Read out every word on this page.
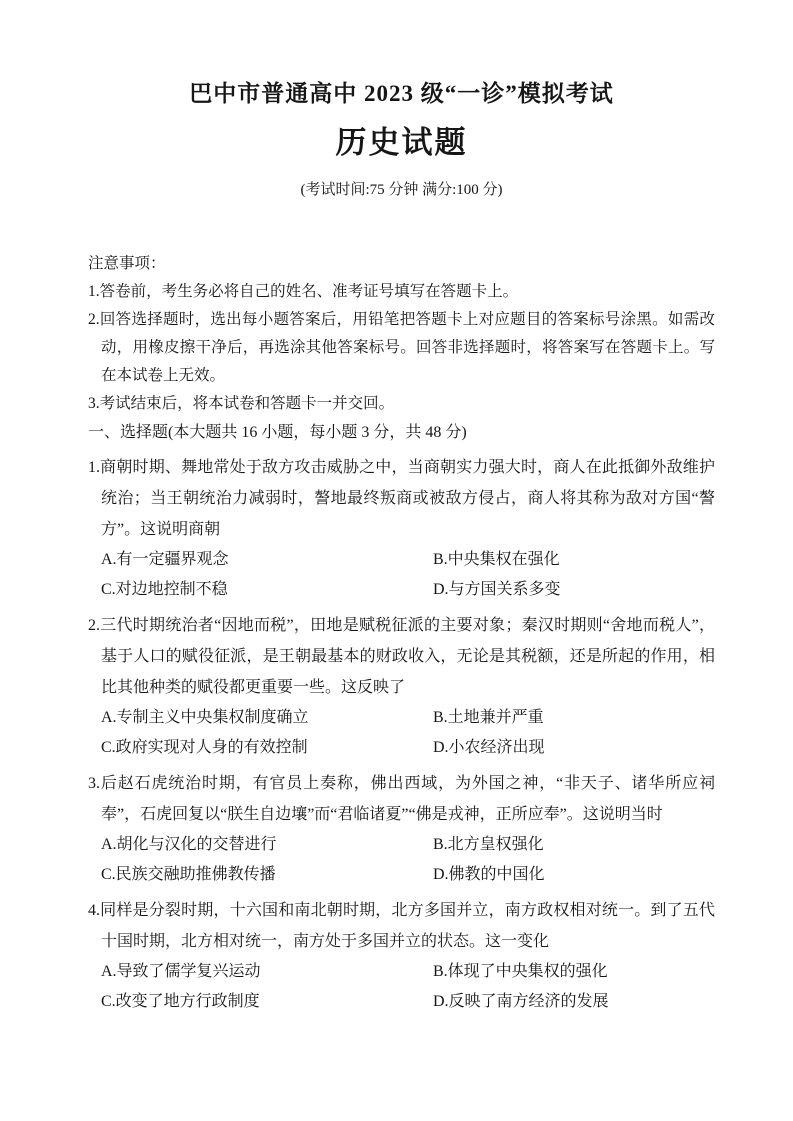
巴中市普通高中 2023 级“一诊”模拟考试
历史试题

(考试时间:75 分钟 满分:100 分)

注意事项：

1.答卷前，考生务必将自己的姓名、准考证号填写在答题卡上。

2.回答选择题时，选出每小题答案后，用铅笔把答题卡上对应题目的答案标号涂黑。如需改动，用橡皮擦干净后，再选涂其他答案标号。回答非选择题时，将答案写在答题卡上。写在本试卷上无效。

3.考试结束后，将本试卷和答题卡一并交回。

一、选择题(本大题共 16 小题，每小题 3 分，共 48 分)

1.商朝时期、舞地常处于敌方攻击威胁之中，当商朝实力强大时，商人在此抵御外敌维护统治；当王朝统治力减弱时，謷地最终叛商或被敌方侵占，商人将其称为敌对方国“謷方”。这说明商朝

A.有一定疆界观念	B.中央集权在强化
C.对边地控制不稳	D.与方国关系多变

2.三代时期统治者“因地而税”，田地是赋税征派的主要对象；秦汉时期则“舍地而税人”，基于人口的赋役征派，是王朝最基本的财政收入，无论是其税额，还是所起的作用，相比其他种类的赋役都更重要一些。这反映了

A.专制主义中央集权制度确立	B.土地兼并严重
C.政府实现对人身的有效控制	D.小农经济出现

3.后赵石虎统治时期，有官员上奏称，佛出西域，为外国之神，“非天子、诸华所应祠奉”，石虎回复以“朕生自边壤”而“君临诸夏”“佛是戎神，正所应奉”。这说明当时

A.胡化与汉化的交替进行	B.北方皇权强化
C.民族交融助推佛教传播	D.佛教的中国化

4.同样是分裂时期，十六国和南北朝时期，北方多国并立，南方政权相对统一。到了五代十国时期，北方相对统一，南方处于多国并立的状态。这一变化

A.导致了儒学复兴运动	B.体现了中央集权的强化
C.改变了地方行政制度	D.反映了南方经济的发展
